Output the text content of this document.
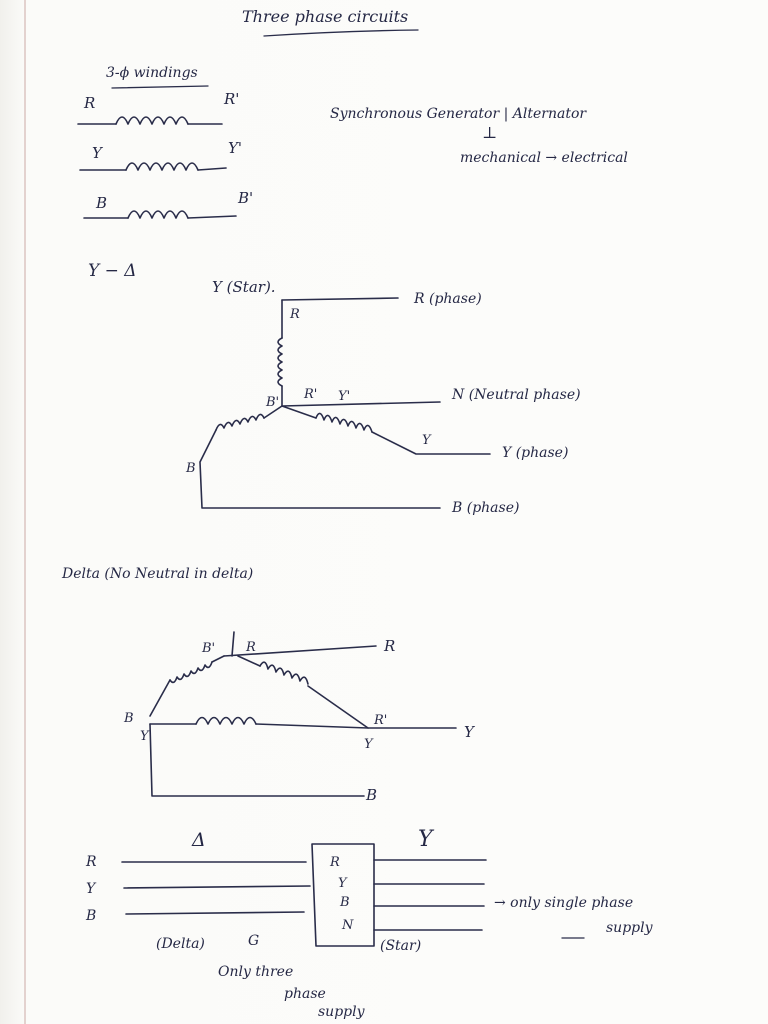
Three phase circuits
3-ϕ windings
R	R'
Y	Y'
B	B'
Synchronous Generator | Alternator
⊥
mechanical → electrical
Y − Δ
Y (Star).
R
R' Y'
B'
Y
B
R (phase)
N (Neutral phase)
Y (phase)
B (phase)
Delta (No Neutral in delta)
B' R
B
Y'
R'
Y
R
Y
B
Δ	Y
R
Y
B
R
Y
B
N
(Delta)	G	(Star)
Only three
phase
supply
→ only single phase
supply
